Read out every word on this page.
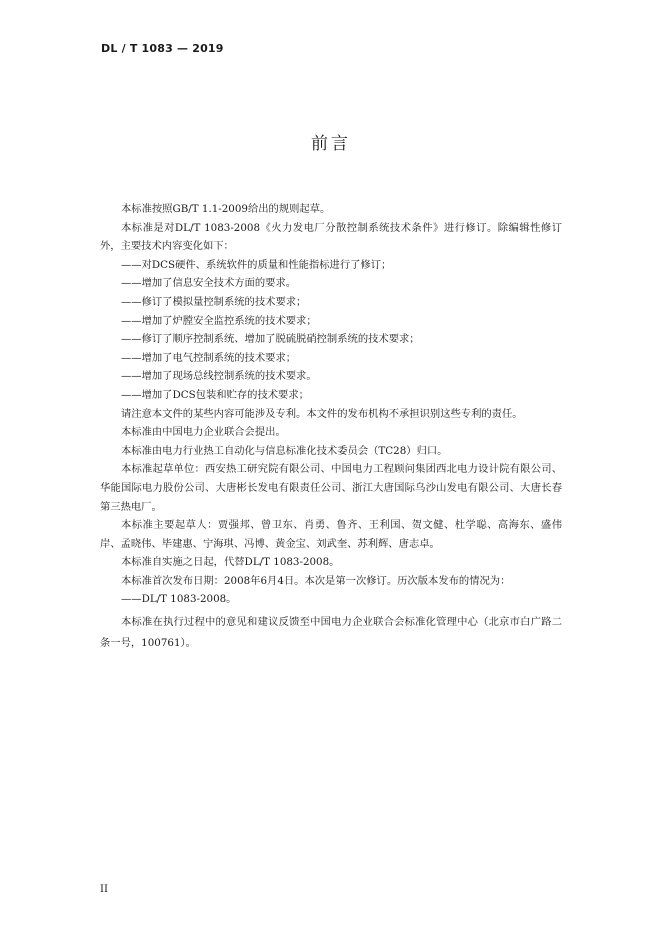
DL / T 1083 — 2019
前言

本标准按照GB/T 1.1-2009给出的规则起草。

本标准是对DL/T 1083-2008《火力发电厂分散控制系统技术条件》进行修订。除编辑性修订外，主要技术内容变化如下：

——对DCS硬件、系统软件的质量和性能指标进行了修订；

——增加了信息安全技术方面的要求。

——修订了模拟量控制系统的技术要求；

——增加了炉膛安全监控系统的技术要求；

——修订了顺序控制系统、增加了脱硫脱硝控制系统的技术要求；

——增加了电气控制系统的技术要求；

——增加了现场总线控制系统的技术要求。

——增加了DCS包装和贮存的技术要求；

请注意本文件的某些内容可能涉及专利。本文件的发布机构不承担识别这些专利的责任。

本标准由中国电力企业联合会提出。

本标准由电力行业热工自动化与信息标准化技术委员会（TC28）归口。

本标准起草单位：西安热工研究院有限公司、中国电力工程顾问集团西北电力设计院有限公司、华能国际电力股份公司、大唐彬长发电有限责任公司、浙江大唐国际乌沙山发电有限公司、大唐长春第三热电厂。

本标准主要起草人：贾强邦、曾卫东、肖勇、鲁齐、王利国、贺文健、杜学聪、高海东、盛伟岸、孟晓伟、毕建惠、宁海琪、冯博、黄金宝、刘武奎、苏利辉、唐志卓。

本标准自实施之日起，代替DL/T 1083-2008。

本标准首次发布日期：2008年6月4日。本次是第一次修订。历次版本发布的情况为：

——DL/T 1083-2008。

本标准在执行过程中的意见和建议反馈至中国电力企业联合会标准化管理中心（北京市白广路二条一号，100761）。

II
